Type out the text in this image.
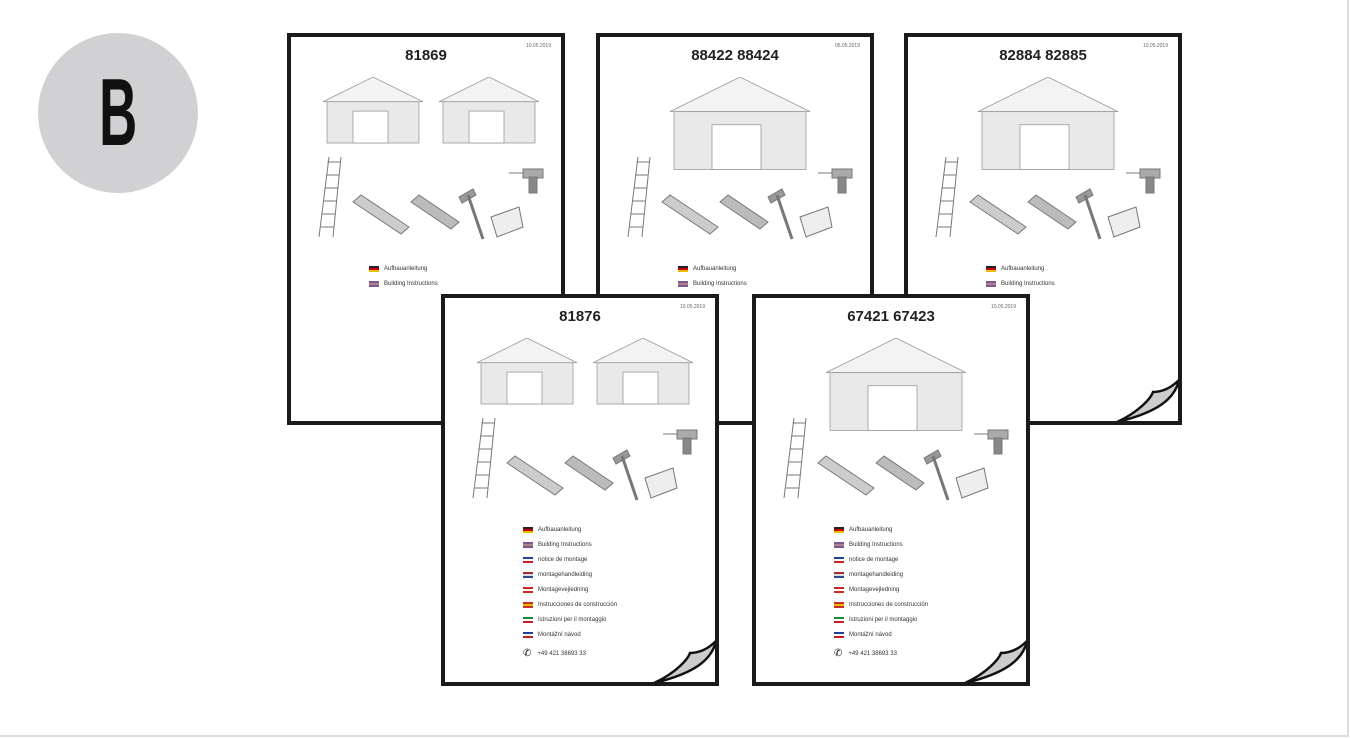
B
81869
10.05.2019
Aufbauanleitung
Building Instructions
88422 88424
05.05.2019
Aufbauanleitung
Building Instructions
82884 82885
10.05.2019
Aufbauanleitung
Building Instructions
81876
10.05.2019
Aufbauanleitung
Building Instructions
notice de montage
montagehandleiding
Montagevejledning
Instrucciones de construcción
Istruzioni per il montaggio
Montážní návod
✆ +49 421 38693 33
67421 67423
10.05.2019
Aufbauanleitung
Building Instructions
notice de montage
montagehandleiding
Montagevejledning
Instrucciones de construcción
Istruzioni per il montaggio
Montážní návod
✆ +49 421 38693 33
